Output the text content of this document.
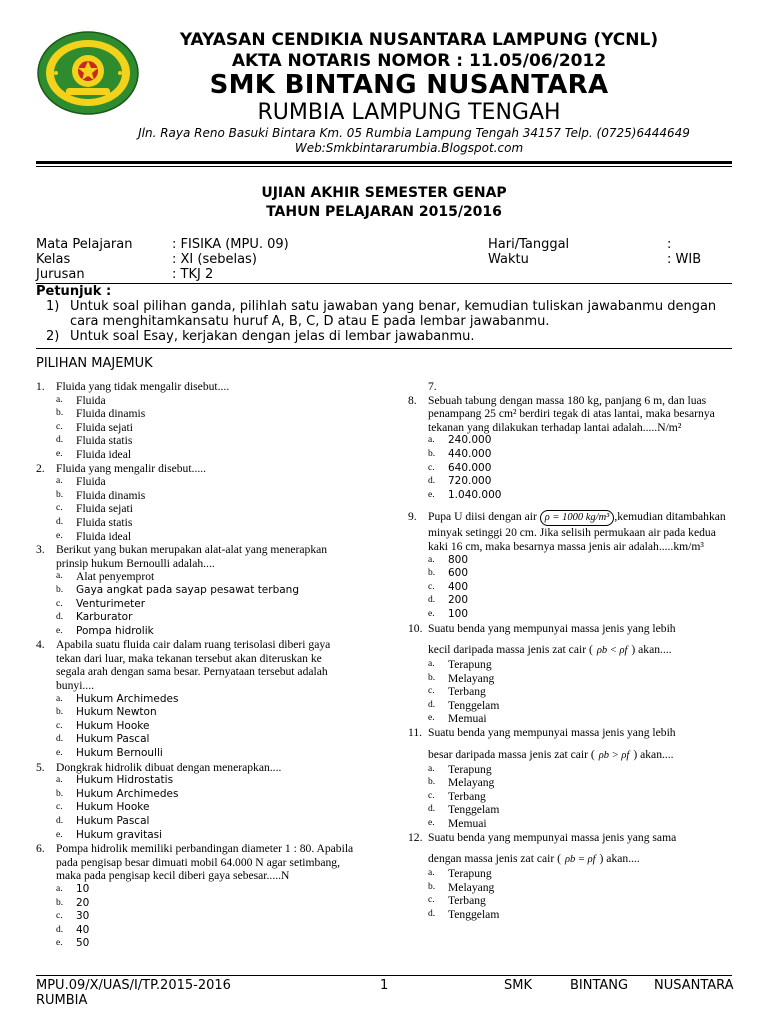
YAYASAN CENDIKIA NUSANTARA LAMPUNG (YCNL)
AKTA NOTARIS NOMOR : 11.05/06/2012
SMK BINTANG NUSANTARA
RUMBIA LAMPUNG TENGAH
Jln. Raya Reno Basuki Bintara Km. 05 Rumbia Lampung Tengah 34157 Telp. (0725)6444649
Web:Smkbintararumbia.Blogspot.com
UJIAN AKHIR SEMESTER GENAP
TAHUN PELAJARAN 2015/2016
Mata Pelajaran	: FISIKA (MPU. 09)
Kelas	: XI (sebelas)
Jurusan	: TKJ 2
Hari/Tanggal	:
Waktu	: WIB
Petunjuk :
1) Untuk soal pilihan ganda, pilihlah satu jawaban yang benar, kemudian tuliskan jawabanmu dengan cara menghitamkansatu huruf A, B, C, D atau E pada lembar jawabanmu.
2) Untuk soal Esay, kerjakan dengan jelas di lembar jawabanmu.
PILIHAN MAJEMUK
1. Fluida yang tidak mengalir disebut....
a.	Fluida
b.	Fluida dinamis
c.	Fluida sejati
d.	Fluida statis
e.	Fluida ideal
2. Fluida yang mengalir disebut.....
a.	Fluida
b.	Fluida dinamis
c.	Fluida sejati
d.	Fluida statis
e.	Fluida ideal
3. Berikut yang bukan merupakan alat-alat yang menerapkan prinsip hukum Bernoulli adalah....
a.	Alat penyemprot
b.	Gaya angkat pada sayap pesawat terbang
c.	Venturimeter
d.	Karburator
e.	Pompa hidrolik
4. Apabila suatu fluida cair dalam ruang terisolasi diberi gaya tekan dari luar, maka tekanan tersebut akan diteruskan ke segala arah dengan sama besar. Pernyataan tersebut adalah bunyi....
a.	Hukum Archimedes
b.	Hukum Newton
c.	Hukum Hooke
d.	Hukum Pascal
e.	Hukum Bernoulli
5. Dongkrak hidrolik dibuat dengan menerapkan....
a.	Hukum Hidrostatis
b.	Hukum Archimedes
c.	Hukum Hooke
d.	Hukum Pascal
e.	Hukum gravitasi
6. Pompa hidrolik memiliki perbandingan diameter 1 : 80. Apabila pada pengisap besar dimuati mobil 64.000 N agar setimbang, maka pada pengisap kecil diberi gaya sebesar.....N
a.	10
b.	20
c.	30
d.	40
e.	50
7.
8. Sebuah tabung dengan massa 180 kg, panjang 6 m, dan luas penampang 25 cm² berdiri tegak di atas lantai, maka besarnya tekanan yang dilakukan terhadap lantai adalah.....N/m²
a.	240.000
b.	440.000
c.	640.000
d.	720.000
e.	1.040.000
9. Pupa U diisi dengan air ρ = 1000 kg/m³ ,kemudian ditambahkan minyak setinggi 20 cm. Jika selisih permukaan air pada kedua kaki 16 cm, maka besarnya massa jenis air adalah.....km/m³
a.	800
b.	600
c.	400
d.	200
e.	100
10. Suatu benda yang mempunyai massa jenis yang lebih
kecil daripada massa jenis zat cair ( ρb < ρf ) akan....
a.	Terapung
b.	Melayang
c.	Terbang
d.	Tenggelam
e.	Memuai
11. Suatu benda yang mempunyai massa jenis yang lebih
besar daripada massa jenis zat cair ( ρb > ρf ) akan....
a.	Terapung
b.	Melayang
c.	Terbang
d.	Tenggelam
e.	Memuai
12. Suatu benda yang mempunyai massa jenis yang sama
dengan massa jenis zat cair ( ρb = ρf ) akan....
a.	Terapung
b.	Melayang
c.	Terbang
d.	Tenggelam
MPU.09/X/UAS/I/TP.2015-2016	1	SMK	BINTANG NUSANTARA
RUMBIA
